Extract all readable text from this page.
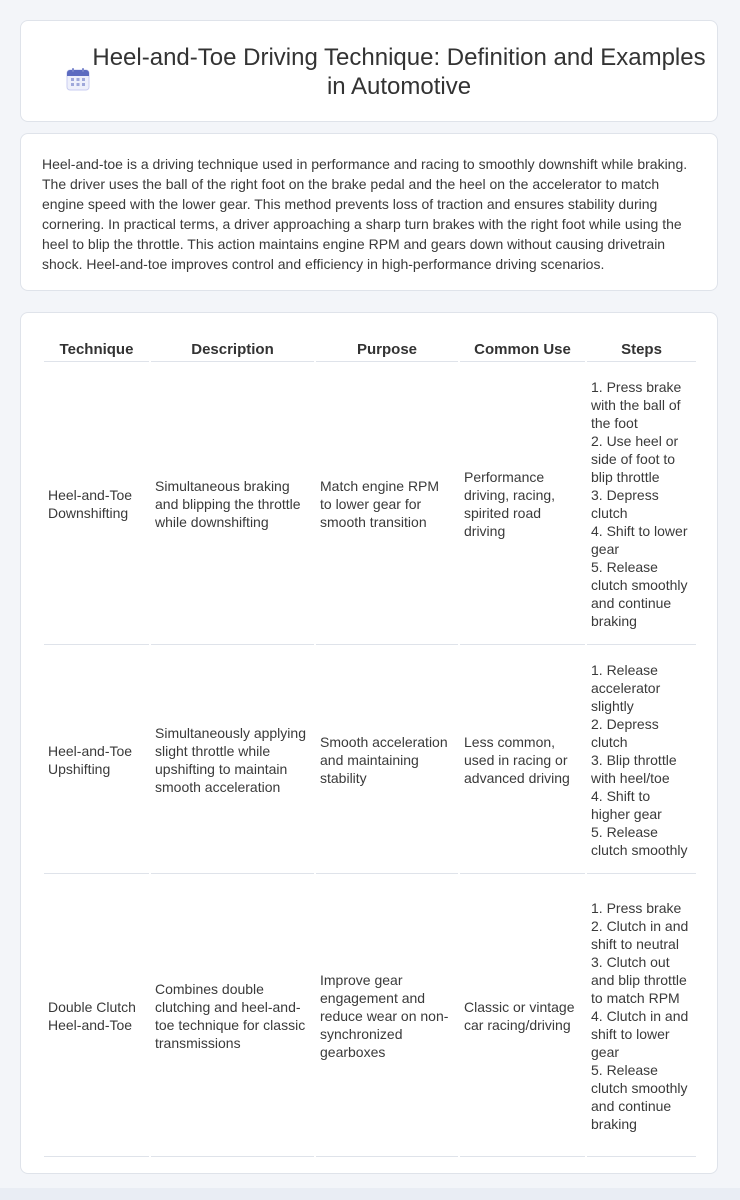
Heel-and-Toe Driving Technique: Definition and Examples in Automotive

Heel-and-toe is a driving technique used in performance and racing to smoothly downshift while braking. The driver uses the ball of the right foot on the brake pedal and the heel on the accelerator to match engine speed with the lower gear. This method prevents loss of traction and ensures stability during cornering. In practical terms, a driver approaching a sharp turn brakes with the right foot while using the heel to blip the throttle. This action maintains engine RPM and gears down without causing drivetrain shock. Heel-and-toe improves control and efficiency in high-performance driving scenarios.

Technique	Description	Purpose	Common Use	Steps
Heel-and-Toe Downshifting	Simultaneous braking and blipping the throttle while downshifting	Match engine RPM to lower gear for smooth transition	Performance driving, racing, spirited road driving	1. Press brake with the ball of the foot
2. Use heel or side of foot to blip throttle
3. Depress clutch
4. Shift to lower gear
5. Release clutch smoothly and continue braking

Heel-and-Toe Upshifting	Simultaneously applying slight throttle while upshifting to maintain smooth acceleration	Smooth acceleration and maintaining stability	Less common, used in racing or advanced driving	1. Release accelerator slightly
2. Depress clutch
3. Blip throttle with heel/toe
4. Shift to higher gear
5. Release clutch smoothly

Double Clutch Heel-and-Toe	Combines double clutching and heel-and-toe technique for classic transmissions	Improve gear engagement and reduce wear on non-synchronized gearboxes	Classic or vintage car racing/driving	1. Press brake
2. Clutch in and shift to neutral
3. Clutch out and blip throttle to match RPM
4. Clutch in and shift to lower gear
5. Release clutch smoothly and continue braking
